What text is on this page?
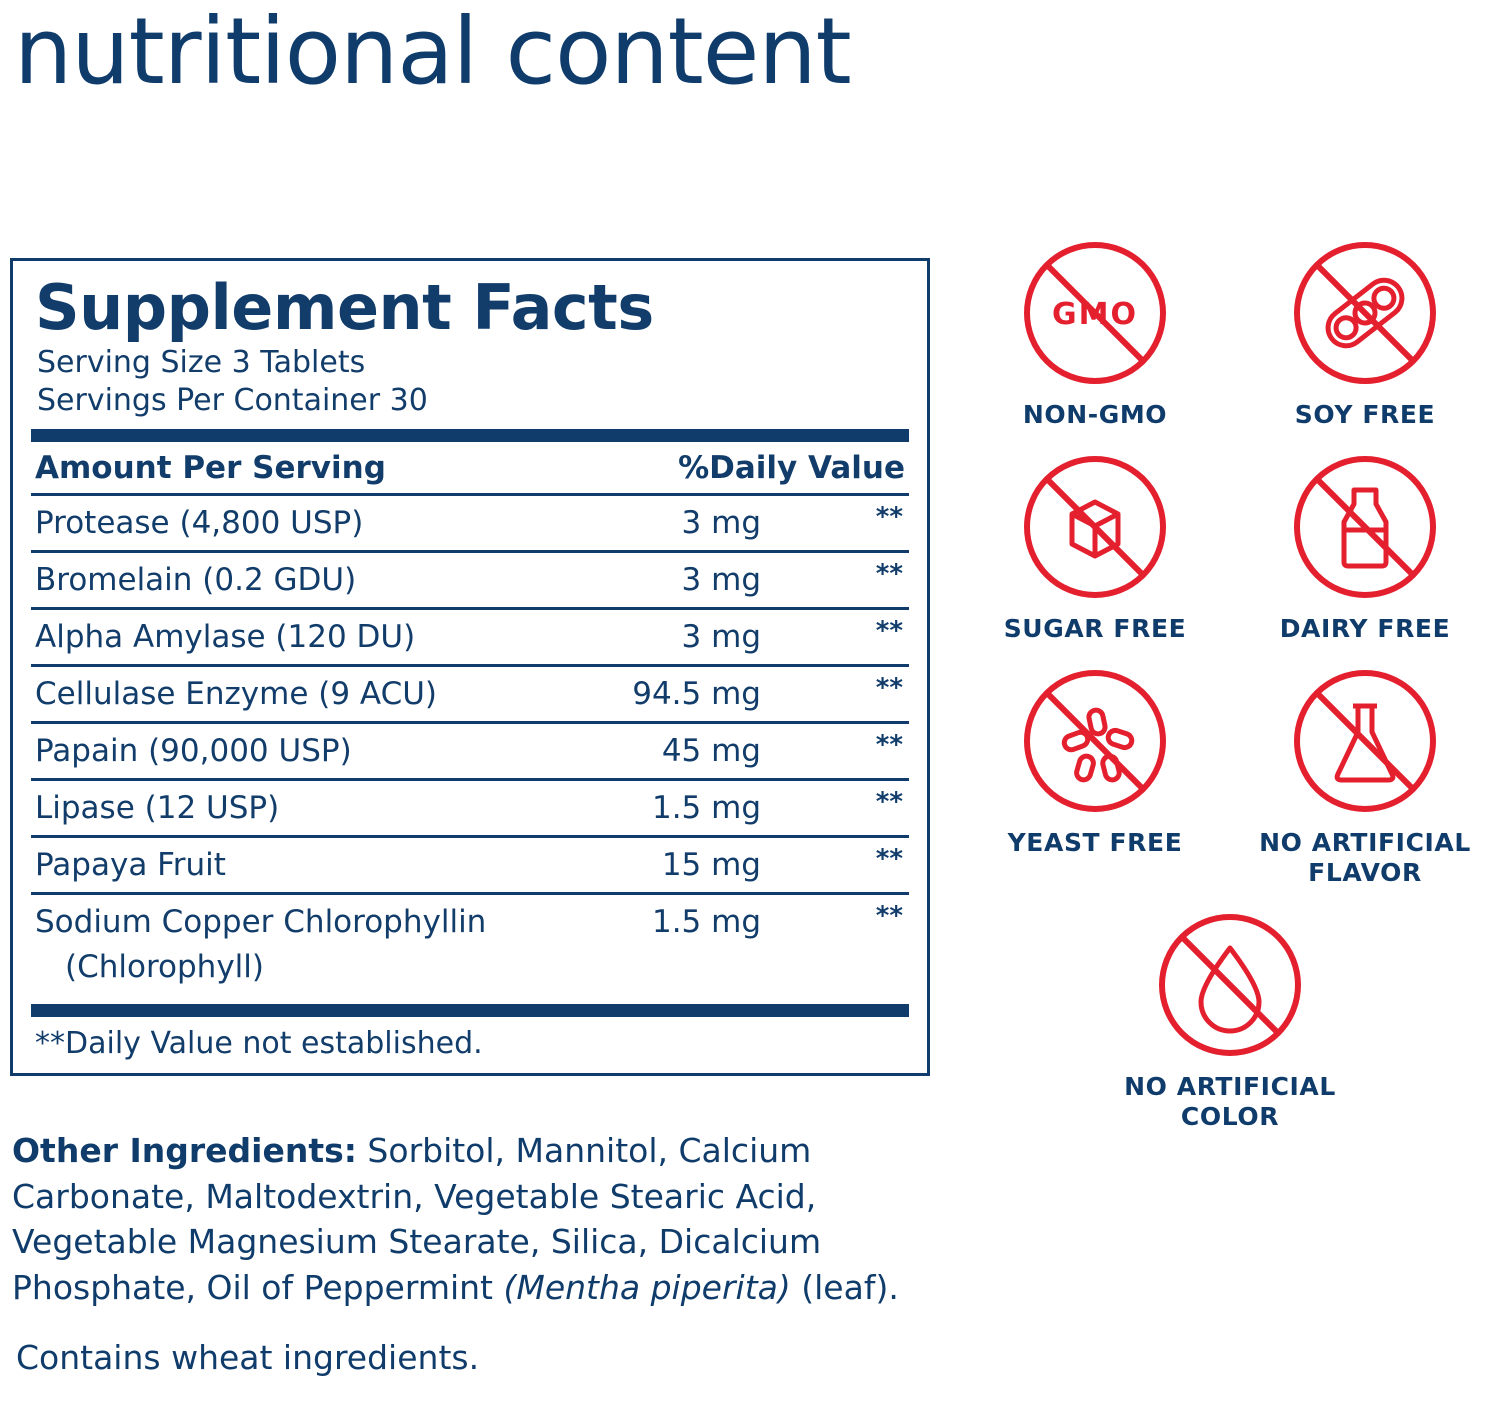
nutritional content
Supplement Facts
Serving Size 3 Tablets
Servings Per Container 30
Amount Per Serving	%Daily Value
Protease (4,800 USP)	3 mg	**
Bromelain (0.2 GDU)	3 mg	**
Alpha Amylase (120 DU)	3 mg	**
Cellulase Enzyme (9 ACU)	94.5 mg	**
Papain (90,000 USP)	45 mg	**
Lipase (12 USP)	1.5 mg	**
Papaya Fruit	15 mg	**
Sodium Copper Chlorophyllin	1.5 mg	**
(Chlorophyll)
**Daily Value not established.
Other Ingredients: Sorbitol, Mannitol, Calcium Carbonate, Maltodextrin, Vegetable Stearic Acid, Vegetable Magnesium Stearate, Silica, Dicalcium Phosphate, Oil of Peppermint (Mentha piperita) (leaf).
Contains wheat ingredients.
GMO
NON-GMO	SOY FREE
SUGAR FREE	DAIRY FREE
YEAST FREE	NO ARTIFICIAL FLAVOR
NO ARTIFICIAL COLOR
